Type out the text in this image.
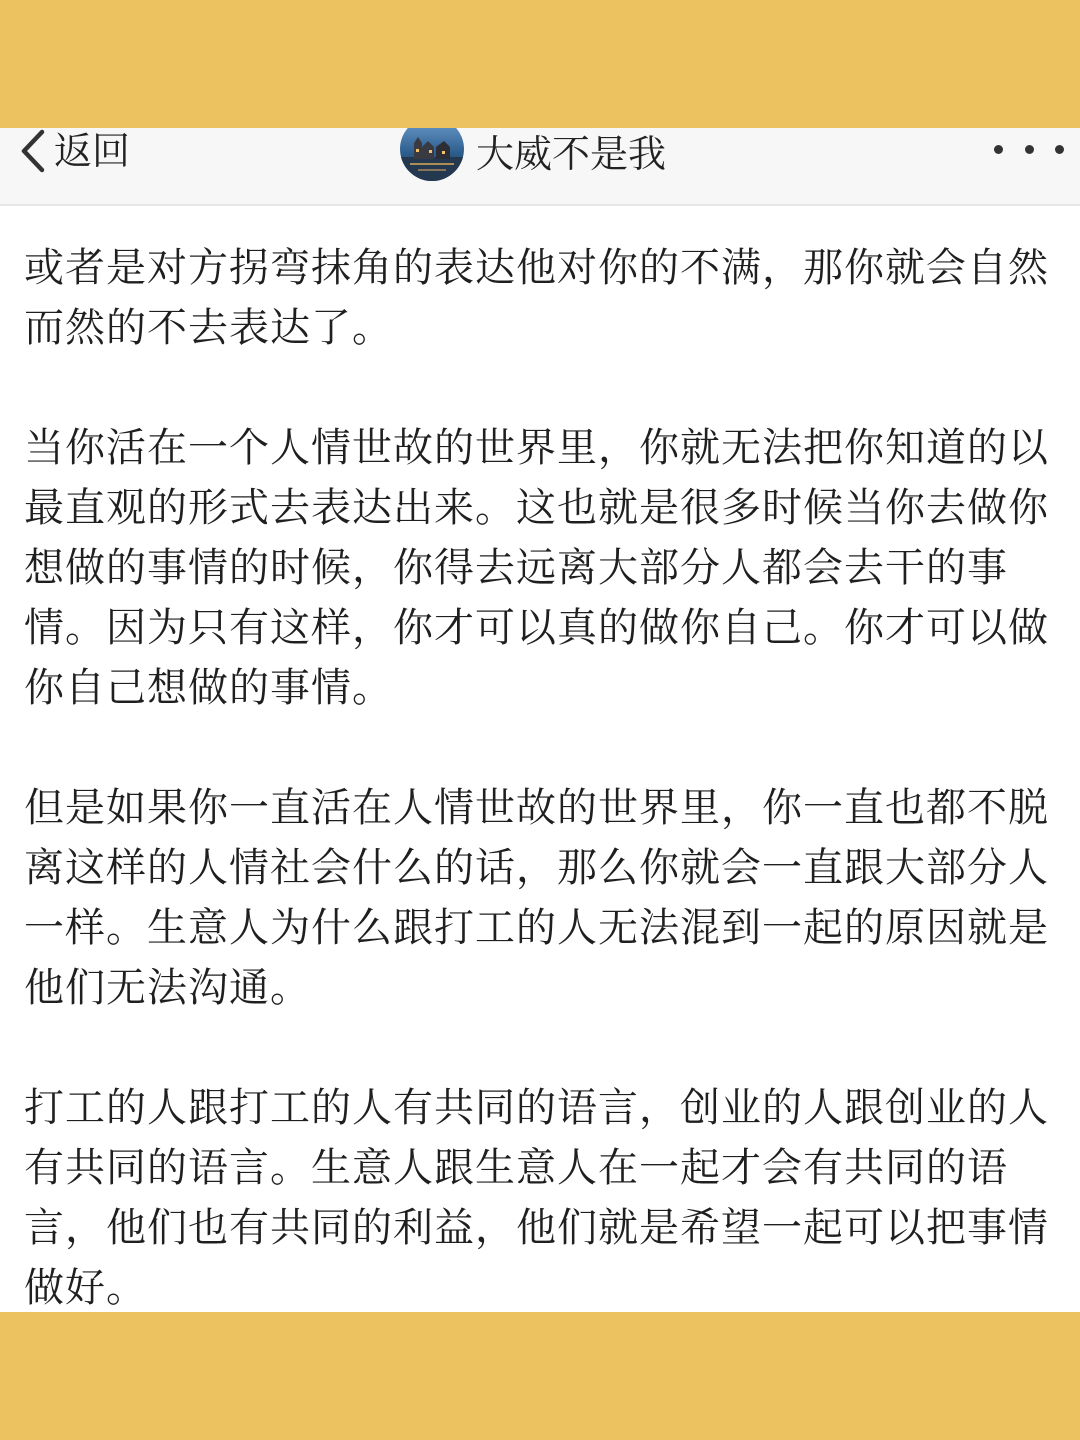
返回	大威不是我

或者是对方拐弯抹角的表达他对你的不满，那你就会自然而然的不去表达了。

当你活在一个人情世故的世界里，你就无法把你知道的以最直观的形式去表达出来。这也就是很多时候当你去做你想做的事情的时候，你得去远离大部分人都会去干的事情。因为只有这样，你才可以真的做你自己。你才可以做你自己想做的事情。

但是如果你一直活在人情世故的世界里，你一直也都不脱离这样的人情社会什么的话，那么你就会一直跟大部分人一样。生意人为什么跟打工的人无法混到一起的原因就是他们无法沟通。

打工的人跟打工的人有共同的语言，创业的人跟创业的人有共同的语言。生意人跟生意人在一起才会有共同的语言，他们也有共同的利益，他们就是希望一起可以把事情做好。
